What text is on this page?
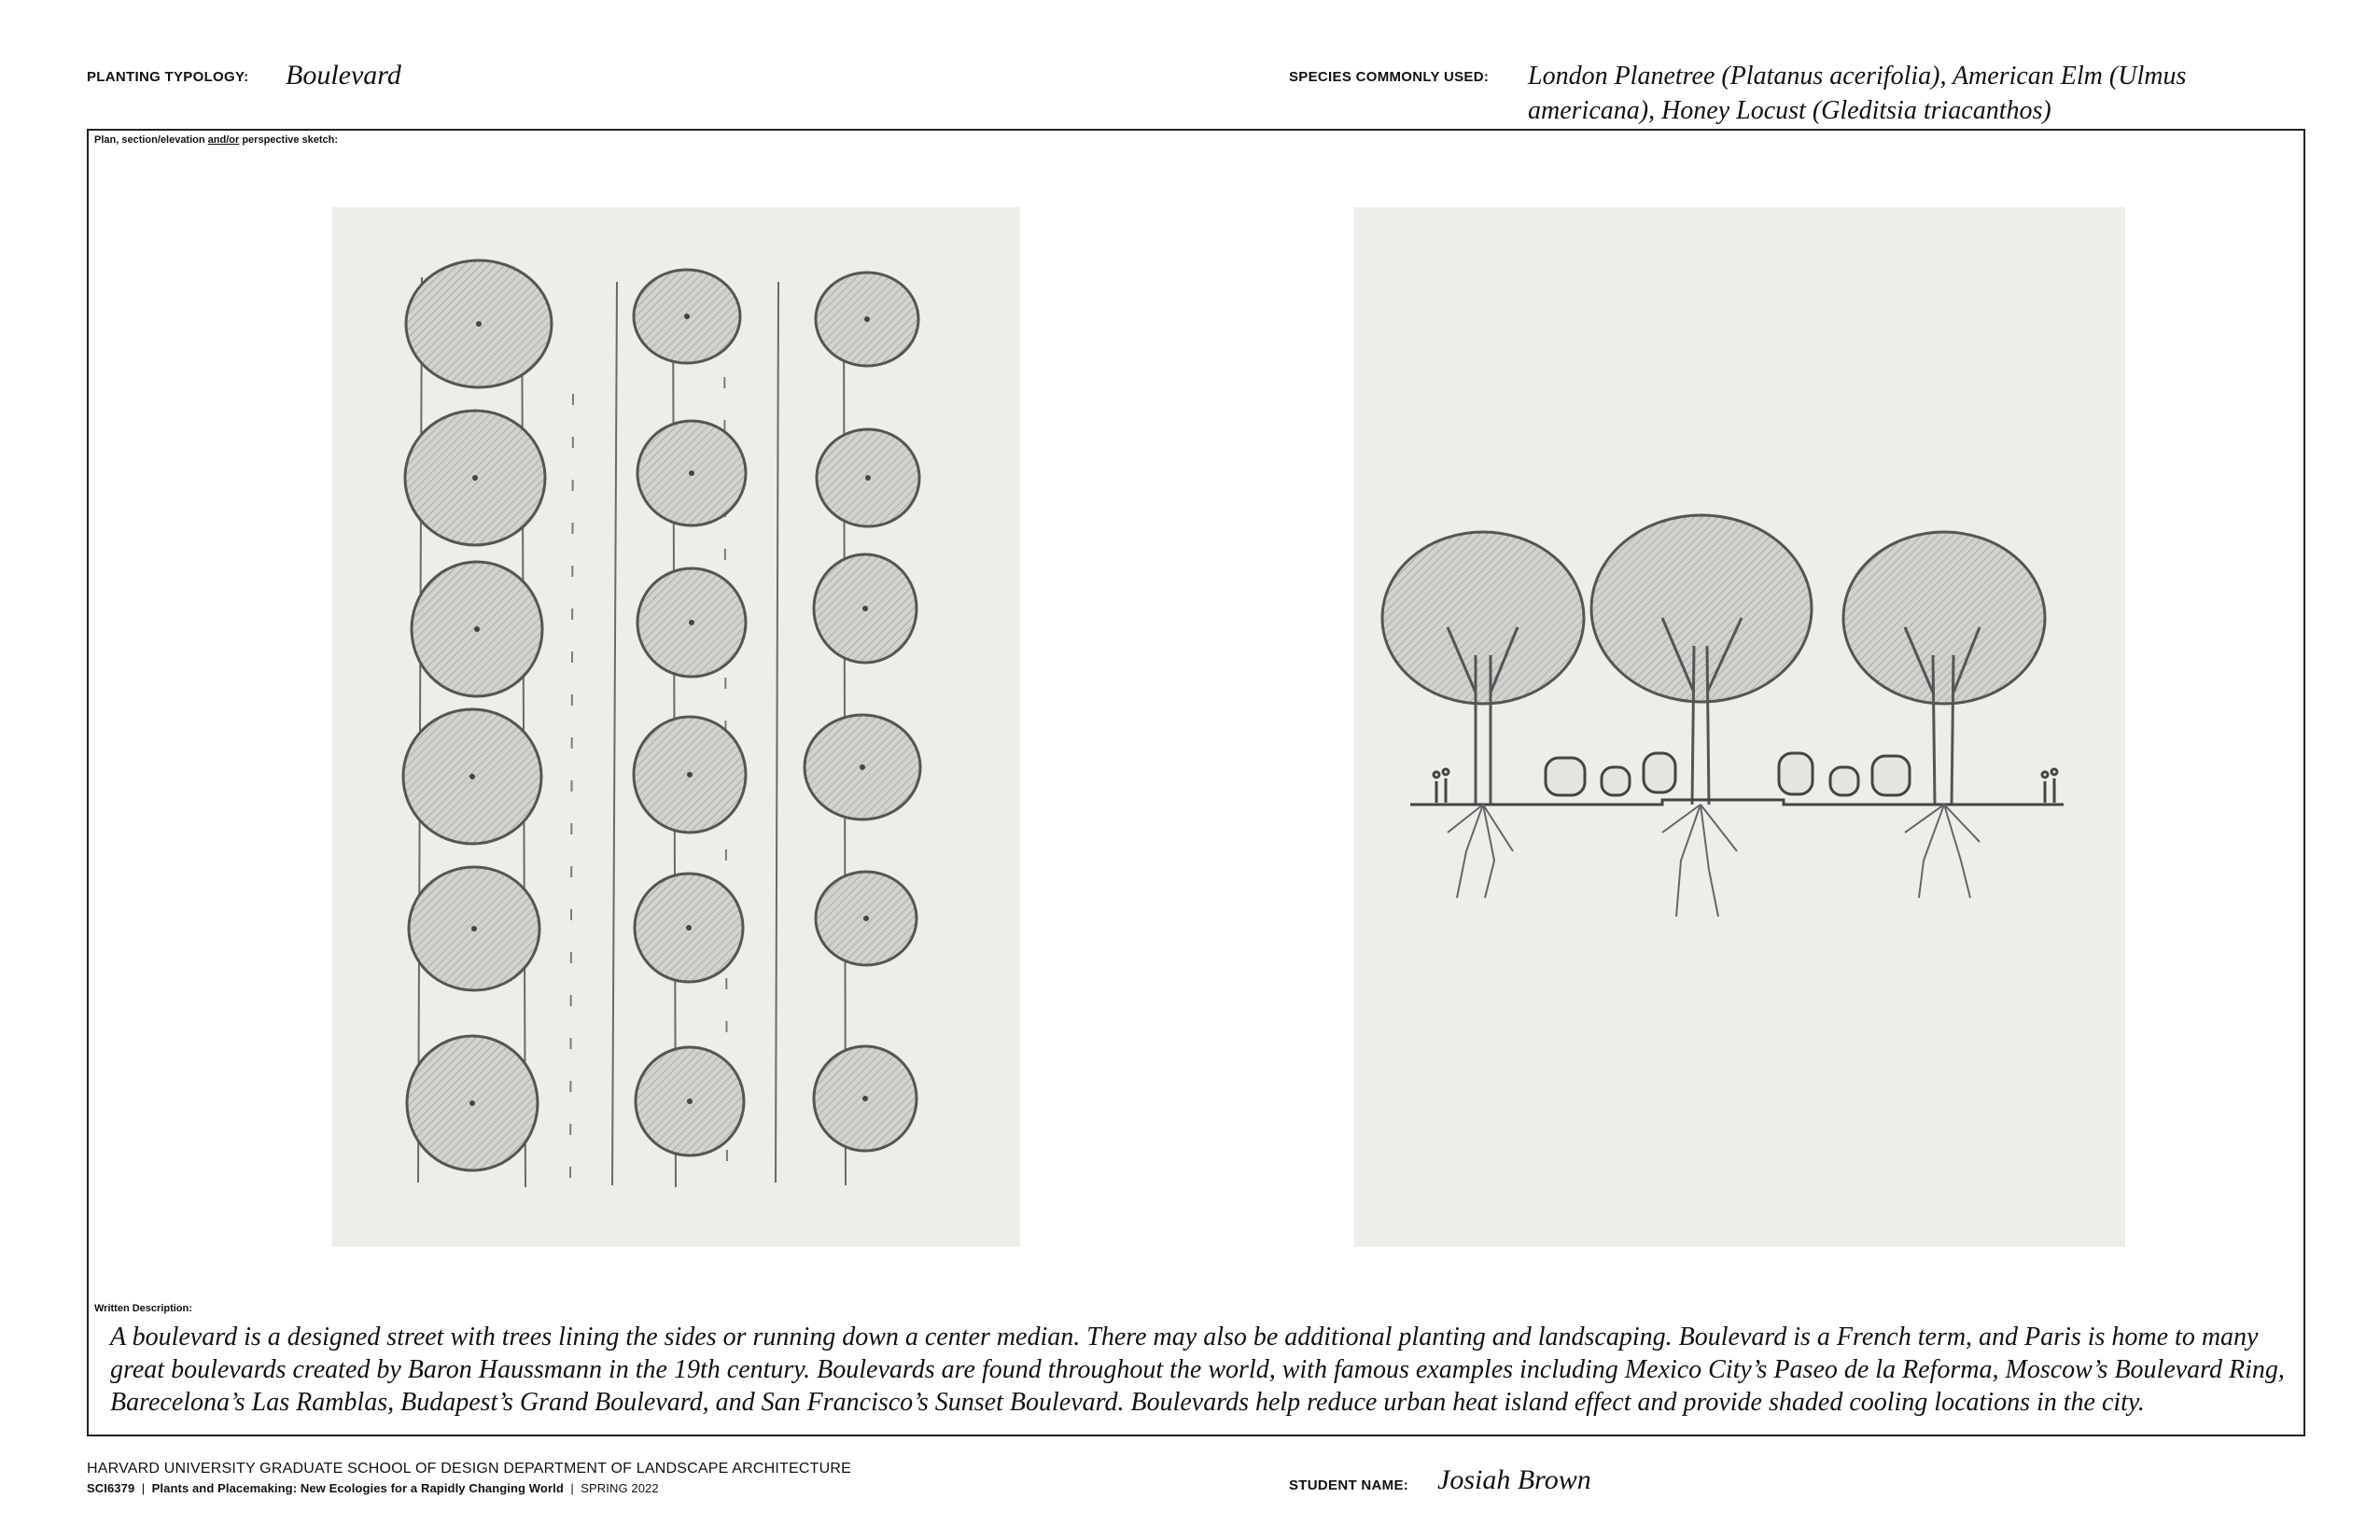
PLANTING TYPOLOGY: Boulevard	SPECIES COMMONLY USED: London Planetree (Platanus acerifolia), American Elm (Ulmus
americana), Honey Locust (Gleditsia triacanthos)
Plan, section/elevation and/or perspective sketch:
Written Description:
A boulevard is a designed street with trees lining the sides or running down a center median. There may also be additional planting and landscaping. Boulevard is a French term, and Paris is home to many great boulevards created by Baron Haussmann in the 19th century. Boulevards are found throughout the world, with famous examples including Mexico City’s Paseo de la Reforma, Moscow’s Boulevard Ring, Barecelona’s Las Ramblas, Budapest’s Grand Boulevard, and San Francisco’s Sunset Boulevard. Boulevards help reduce urban heat island effect and provide shaded cooling locations in the city.
HARVARD UNIVERSITY GRADUATE SCHOOL OF DESIGN DEPARTMENT OF LANDSCAPE ARCHITECTURE
SCI6379 | Plants and Placemaking: New Ecologies for a Rapidly Changing World | SPRING 2022	STUDENT NAME: Josiah Brown
